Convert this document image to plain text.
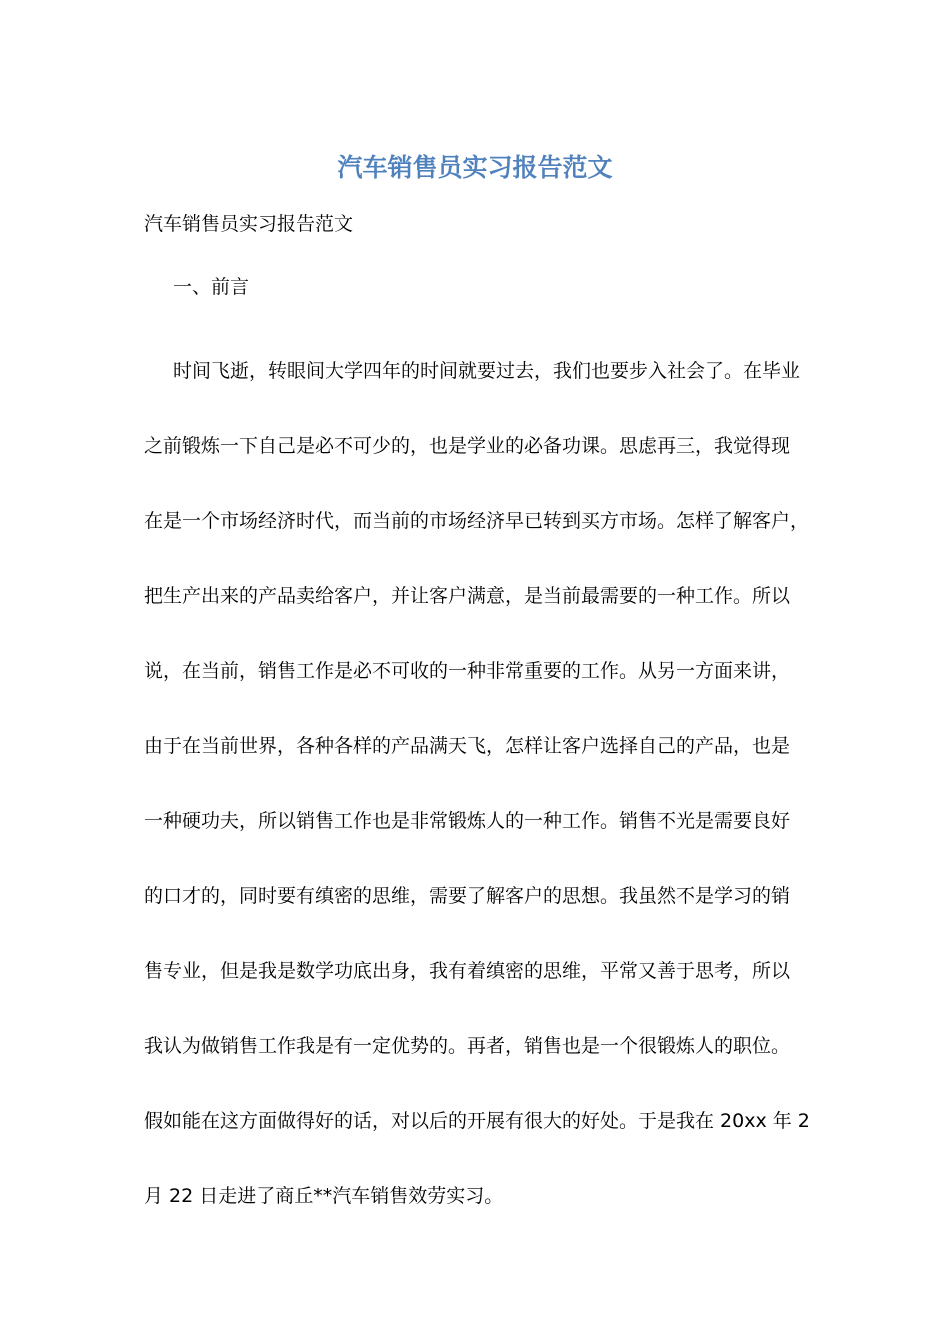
汽车销售员实习报告范文
汽车销售员实习报告范文
一、前言
时间飞逝，转眼间大学四年的时间就要过去，我们也要步入社会了。在毕业
之前锻炼一下自己是必不可少的，也是学业的必备功课。思虑再三，我觉得现
在是一个市场经济时代，而当前的市场经济早已转到买方市场。怎样了解客户，
把生产出来的产品卖给客户，并让客户满意，是当前最需要的一种工作。所以
说，在当前，销售工作是必不可收的一种非常重要的工作。从另一方面来讲，
由于在当前世界，各种各样的产品满天飞，怎样让客户选择自己的产品，也是
一种硬功夫，所以销售工作也是非常锻炼人的一种工作。销售不光是需要良好
的口才的，同时要有缜密的思维，需要了解客户的思想。我虽然不是学习的销
售专业，但是我是数学功底出身，我有着缜密的思维，平常又善于思考，所以
我认为做销售工作我是有一定优势的。再者，销售也是一个很锻炼人的职位。
假如能在这方面做得好的话，对以后的开展有很大的好处。于是我在 20xx 年 2
月 22 日走进了商丘**汽车销售效劳实习。
